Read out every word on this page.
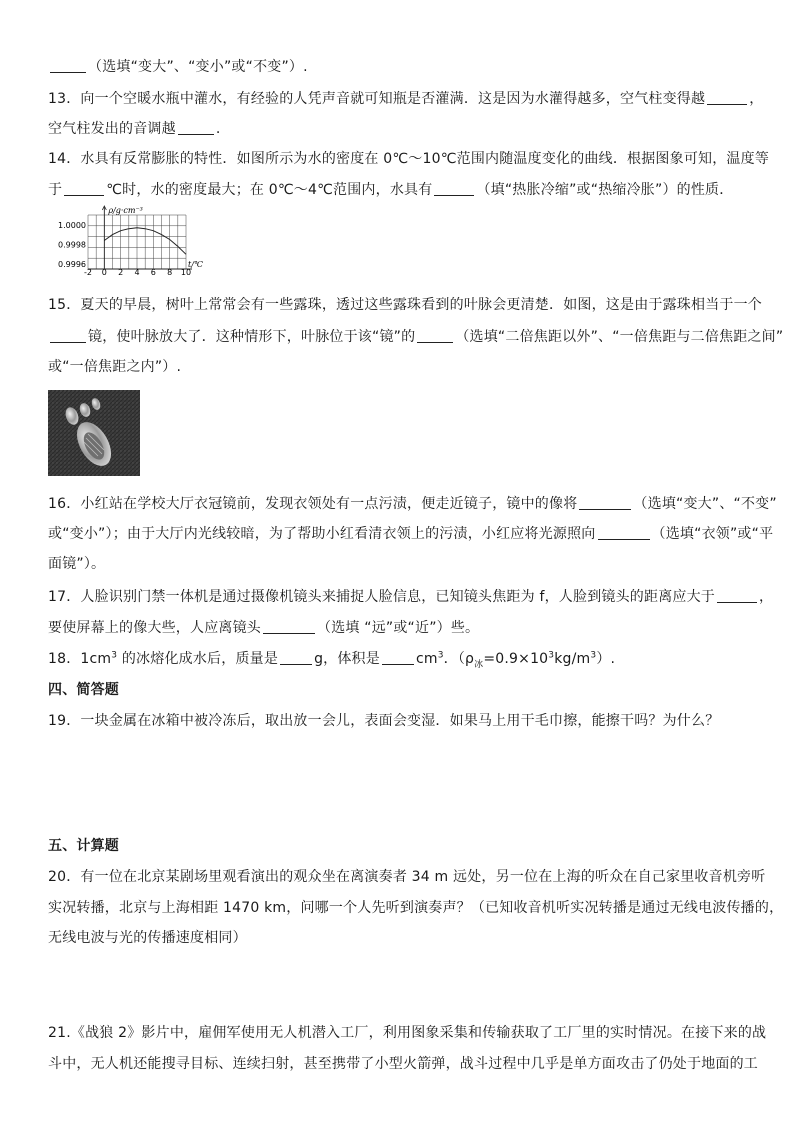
（选填“变大”、“变小”或“不变”）.
13．向一个空暖水瓶中灌水，有经验的人凭声音就可知瓶是否灌满．这是因为水灌得越多，空气柱变得越	，
空气柱发出的音调越	.
14．水具有反常膨胀的特性．如图所示为水的密度在 0℃～10℃范围内随温度变化的曲线．根据图象可知，温度等
于	℃时，水的密度最大；在 0℃～4℃范围内，水具有	（填“热胀冷缩”或“热缩冷胀”）的性质．
-2 0 2 4 6 8 10
1.0000
0.9998
0.9996
ρ/g·cm⁻³
t/℃
15．夏天的早晨，树叶上常常会有一些露珠，透过这些露珠看到的叶脉会更清楚．如图，这是由于露珠相当于一个
镜，使叶脉放大了．这种情形下，叶脉位于该“镜”的	（选填“二倍焦距以外”、“一倍焦距与二倍焦距之间”
或“一倍焦距之内”）.
16．小红站在学校大厅衣冠镜前，发现衣领处有一点污渍，便走近镜子，镜中的像将	（选填“变大”、“不变”
或“变小”）；由于大厅内光线较暗，为了帮助小红看清衣领上的污渍，小红应将光源照向	（选填“衣领”或“平
面镜”）。
17．人脸识别门禁一体机是通过摄像机镜头来捕捉人脸信息，已知镜头焦距为 f，人脸到镜头的距离应大于	，
要使屏幕上的像大些，人应离镜头	（选填 “远”或“近”）些。
18．$1cm^3$ 的冰熔化成水后，质量是	g，体积是	$cm^3$．$(\rho_冰=0.9\times 10^3kg/m^3)$.
四、简答题
19．一块金属在冰箱中被冷冻后，取出放一会儿，表面会变湿．如果马上用干毛巾擦，能擦干吗？为什么？
五、计算题
20．有一位在北京某剧场里观看演出的观众坐在离演奏者 34 m 远处，另一位在上海的听众在自己家里收音机旁听
实况转播，北京与上海相距 1470 km，问哪一个人先听到演奏声？（已知收音机听实况转播是通过无线电波传播的，
无线电波与光的传播速度相同）
21.《战狼 2》影片中，雇佣军使用无人机潜入工厂，利用图象采集和传输获取了工厂里的实时情况。在接下来的战
斗中，无人机还能搜寻目标、连续扫射，甚至携带了小型火箭弹，战斗过程中几乎是单方面攻击了仍处于地面的工
